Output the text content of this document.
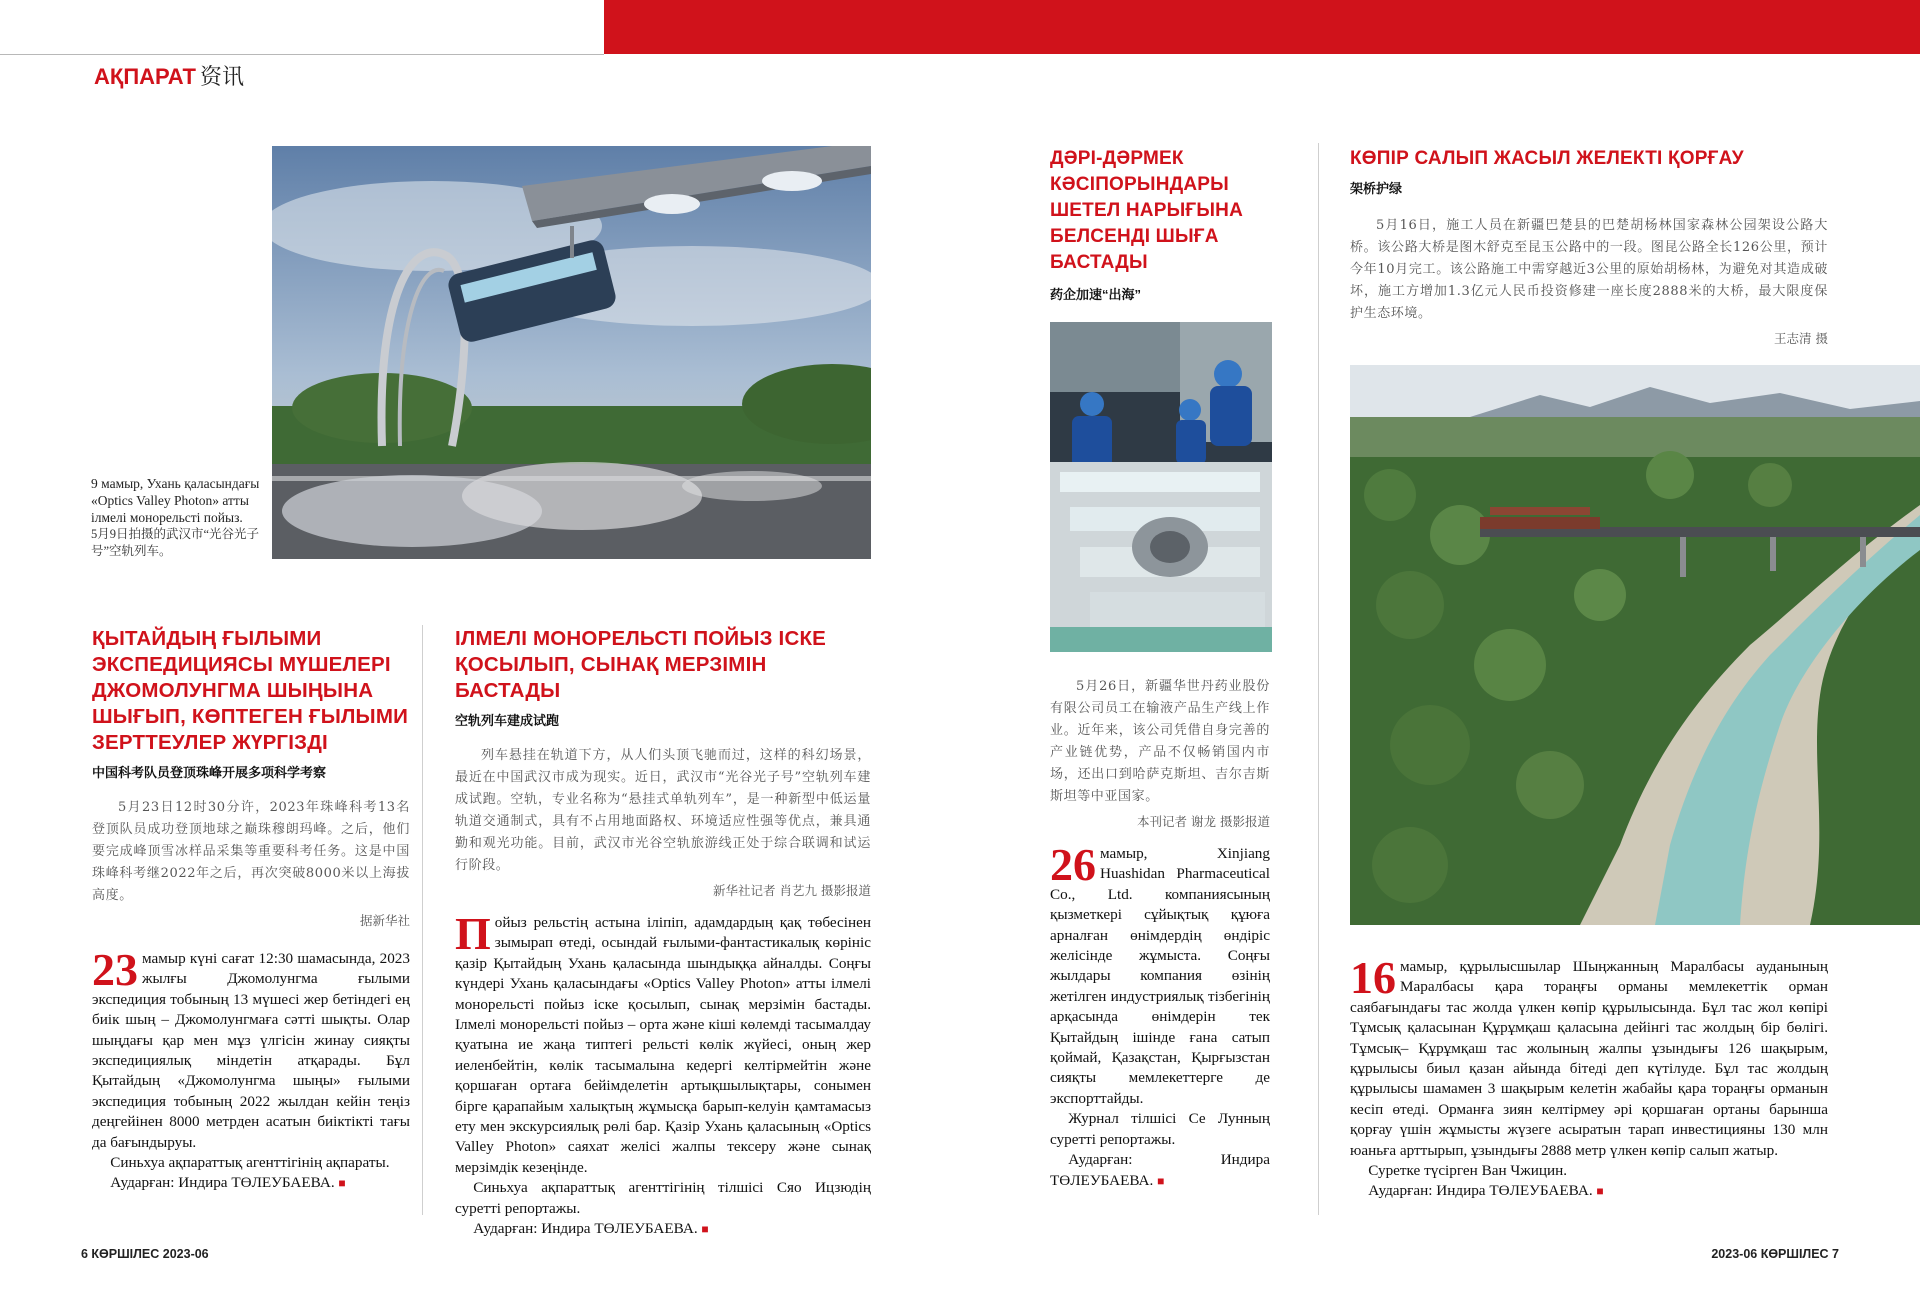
АҚПАРАТ 资讯
9 мамыр, Ухань қаласындағы «Optics Valley Photon» атты ілмелі монорельсті пойыз.
5月9日拍摄的武汉市“光谷光子号”空轨列车。
ҚЫТАЙДЫҢ ҒЫЛЫМИ ЭКСПЕДИЦИЯСЫ МҮШЕЛЕРІ ДЖОМОЛУНГМА ШЫҢЫНА ШЫҒЫП, КӨПТЕГЕН ҒЫЛЫМИ ЗЕРТТЕУЛЕР ЖҮРГІЗДІ
中国科考队员登顶珠峰开展多项科学考察

5月23日12时30分许，2023年珠峰科考13名登顶队员成功登顶地球之巅珠穆朗玛峰。之后，他们要完成峰顶雪冰样品采集等重要科考任务。这是中国珠峰科考继2022年之后，再次突破8000米以上海拔高度。

据新华社

23 мамыр күні сағат 12:30 шамасында, 2023 жылғы Джомолунгма ғылыми экспедиция тобының 13 мүшесі жер бетіндегі ең биік шың – Джомолунгмаға сәтті шықты. Олар шыңдағы қар мен мұз үлгісін жинау сияқты экспедициялық міндетін атқарады. Бұл Қытайдың «Джомолунгма шыңы» ғылыми экспедиция тобының 2022 жылдан кейін теңіз деңгейінен 8000 метрден асатын биіктікті тағы да бағындыруы.

Синьхуа ақпараттық агенттігінің ақпараты.

Аударған: Индира ТӨЛЕУБАЕВА. ■

ІЛМЕЛІ МОНОРЕЛЬСТІ ПОЙЫЗ ІСКЕ ҚОСЫЛЫП, СЫНАҚ МЕРЗІМІН БАСТАДЫ
空轨列车建成试跑

列车悬挂在轨道下方，从人们头顶飞驰而过，这样的科幻场景，最近在中国武汉市成为现实。近日，武汉市“光谷光子号”空轨列车建成试跑。空轨，专业名称为“悬挂式单轨列车”，是一种新型中低运量轨道交通制式，具有不占用地面路权、环境适应性强等优点，兼具通勤和观光功能。目前，武汉市光谷空轨旅游线正处于综合联调和试运行阶段。

新华社记者 肖艺九 摄影报道

Пойыз рельстің астына іліпіп, адамдардың қақ төбесінен зымырап өтеді, осындай ғылыми-фантастикалық көрініс қазір Қытайдың Ухань қаласында шындыққа айналды. Соңғы күндері Ухань қаласындағы «Optics Valley Photon» атты ілмелі монорельсті пойыз іске қосылып, сынақ мерзімін бастады. Ілмелі монорельсті пойыз – орта және кіші көлемді тасымалдау қуатына ие жаңа типтегі рельсті көлік жүйесі, оның жер иеленбейтін, көлік тасымалына кедергі келтірмейтін және қоршаған ортаға бейімделетін артықшылықтары, сонымен бірге қарапайым халықтың жұмысқа барып-келуін қамтамасыз ету мен экскурсиялық рөлі бар. Қазір Ухань қаласының «Optics Valley Photon» саяхат желісі жалпы тексеру және сынақ мерзімдік кезеңінде.

Синьхуа ақпараттық агенттігінің тілшісі Сяо Ицзюдің суретті репортажы.

Аударған: Индира ТӨЛЕУБАЕВА. ■

ДӘРІ-ДӘРМЕК КӘСІПОРЫНДАРЫ ШЕТЕЛ НАРЫҒЫНА БЕЛСЕНДІ ШЫҒА БАСТАДЫ
药企加速“出海”

5月26日，新疆华世丹药业股份有限公司员工在输液产品生产线上作业。近年来，该公司凭借自身完善的产业链优势，产品不仅畅销国内市场，还出口到哈萨克斯坦、吉尔吉斯斯坦等中亚国家。

本刊记者 谢龙 摄影报道

26 мамыр, Xinjiang Huashidan Pharmaceutical Co., Ltd. компаниясының қызметкері сұйықтық құюға арналған өнімдердің өндіріс желісінде жұмыста. Соңғы жылдары компания өзінің жетілген индустриялық тізбегінің арқасында өнімдерін тек Қытайдың ішінде ғана сатып қоймай, Қазақстан, Қырғызстан сияқты мемлекеттерге де экспорттайды.

Журнал тілшісі Се Лунның суретті репортажы.

Аударған: Индира ТӨЛЕУБАЕВА. ■

КӨПІР САЛЫП ЖАСЫЛ ЖЕЛЕКТІ ҚОРҒАУ
架桥护绿

5月16日，施工人员在新疆巴楚县的巴楚胡杨林国家森林公园架设公路大桥。该公路大桥是图木舒克至昆玉公路中的一段。图昆公路全长126公里，预计今年10月完工。该公路施工中需穿越近3公里的原始胡杨林，为避免对其造成破坏，施工方增加1.3亿元人民币投资修建一座长度2888米的大桥，最大限度保护生态环境。

王志清 摄

16 мамыр, құрылысшылар Шыңжанның Маралбасы ауданының Маралбасы қара тораңғы орманы мемлекеттік орман саябағындағы тас жолда үлкен көпір құрылысында. Бұл тас жол көпірі Тұмсық қаласынан Құрұмқаш қаласына дейінгі тас жолдың бір бөлігі. Тұмсық– Құрұмқаш тас жолының жалпы ұзындығы 126 шақырым, құрылысы биыл қазан айында бітеді деп күтілуде. Бұл тас жолдың құрылысы шамамен 3 шақырым келетін жабайы қара тораңғы орманын кесіп өтеді. Орманға зиян келтірмеу әрі қоршаған ортаны барынша қорғау үшін жұмысты жүзеге асыратын тарап инвестицияны 130 млн юаньға арттырып, ұзындығы 2888 метр үлкен көпір салып жатыр.

Суретке түсірген Ван Чжицин.

Аударған: Индира ТӨЛЕУБАЕВА. ■

6 КӨРШІЛЕС 2023-06	2023-06 КӨРШІЛЕС 7
